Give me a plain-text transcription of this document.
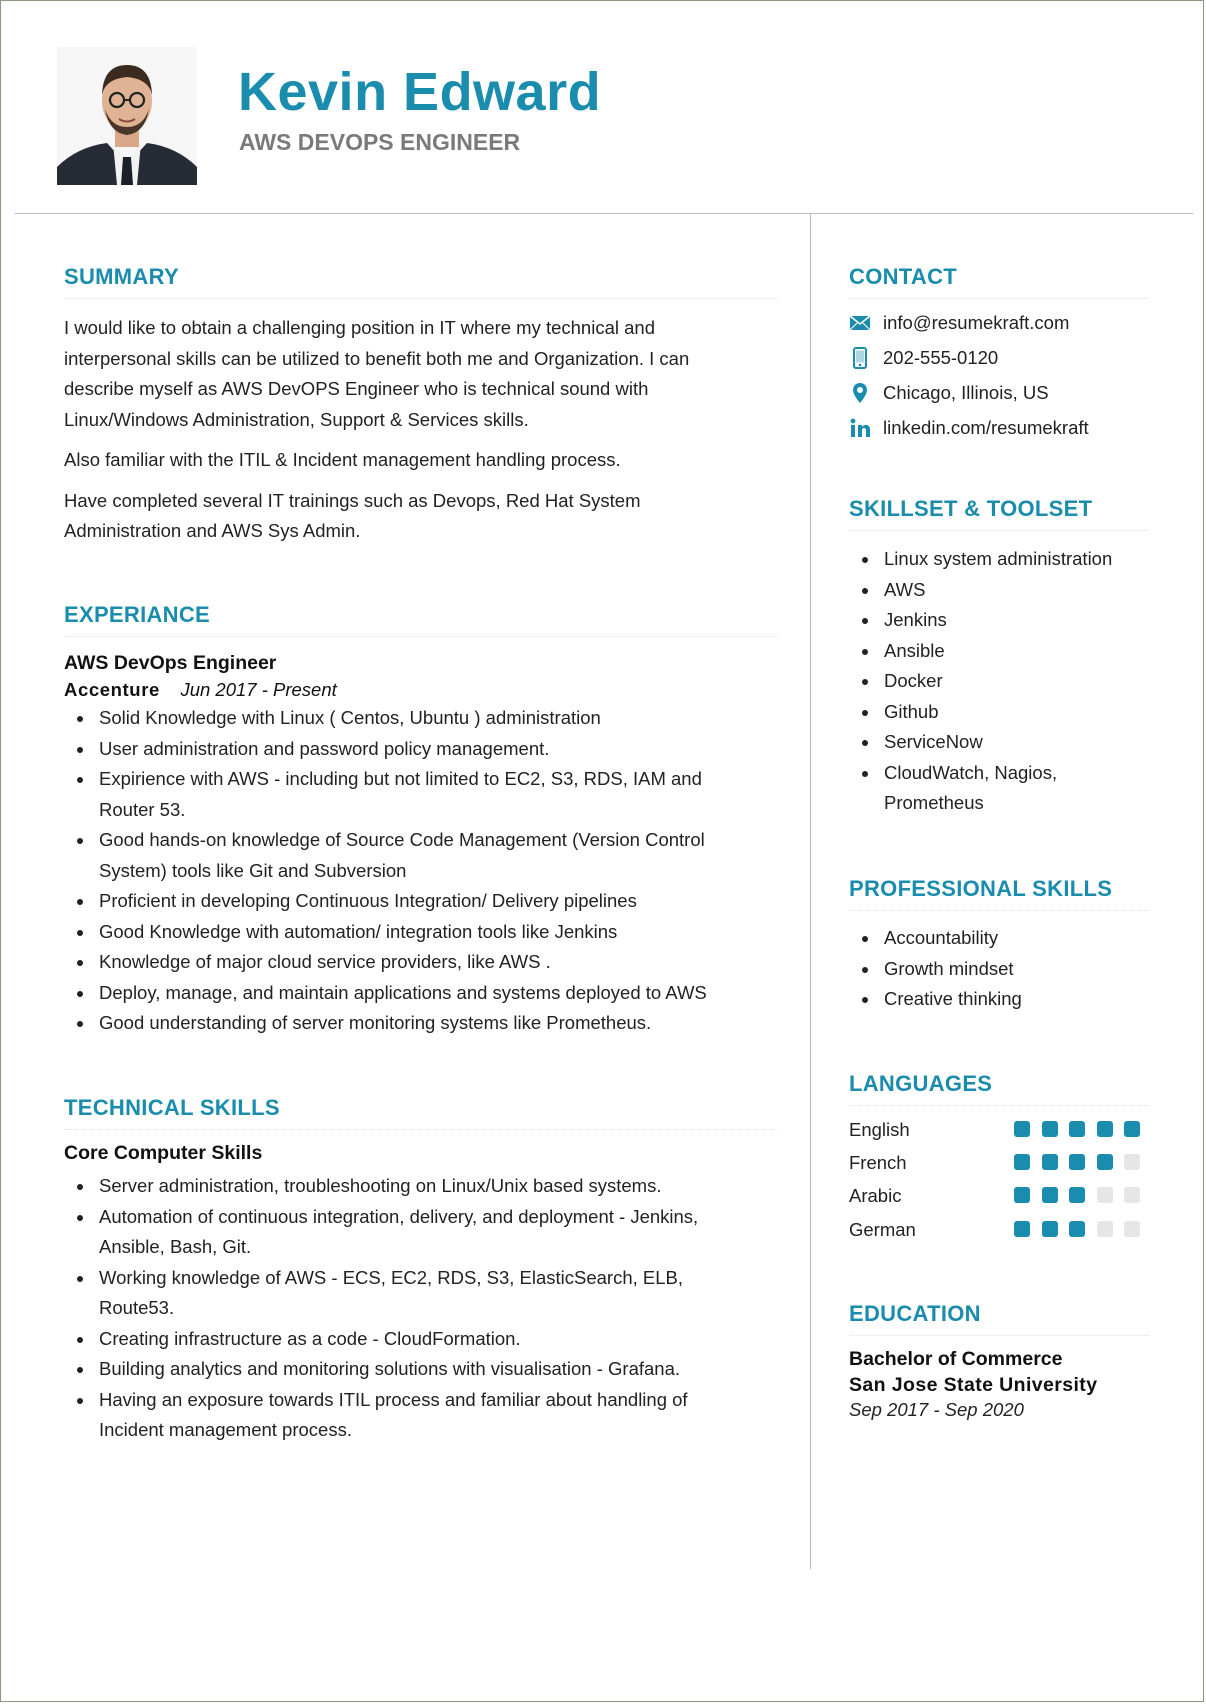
Kevin Edward
AWS DEVOPS ENGINEER
SUMMARY

I would like to obtain a challenging position in IT where my technical and interpersonal skills can be utilized to benefit both me and Organization. I can describe myself as AWS DevOPS Engineer who is technical sound with Linux/Windows Administration, Support & Services skills.

Also familiar with the ITIL & Incident management handling process.

Have completed several IT trainings such as Devops, Red Hat System Administration and AWS Sys Admin.

EXPERIANCE
AWS DevOps Engineer
Accenture Jun 2017 - Present
Solid Knowledge with Linux ( Centos, Ubuntu ) administration
User administration and password policy management.
Expirience with AWS - including but not limited to EC2, S3, RDS, IAM and Router 53.
Good hands-on knowledge of Source Code Management (Version Control System) tools like Git and Subversion
Proficient in developing Continuous Integration/ Delivery pipelines
Good Knowledge with automation/ integration tools like Jenkins
Knowledge of major cloud service providers, like AWS .
Deploy, manage, and maintain applications and systems deployed to AWS
Good understanding of server monitoring systems like Prometheus.
TECHNICAL SKILLS
Core Computer Skills
Server administration, troubleshooting on Linux/Unix based systems.
Automation of continuous integration, delivery, and deployment - Jenkins, Ansible, Bash, Git.
Working knowledge of AWS - ECS, EC2, RDS, S3, ElasticSearch, ELB, Route53.
Creating infrastructure as a code - CloudFormation.
Building analytics and monitoring solutions with visualisation - Grafana.
Having an exposure towards ITIL process and familiar about handling of Incident management process.
CONTACT
info@resumekraft.com
202-555-0120
Chicago, Illinois, US
linkedin.com/resumekraft
SKILLSET & TOOLSET
Linux system administration
AWS
Jenkins
Ansible
Docker
Github
ServiceNow
CloudWatch, Nagios, Prometheus
PROFESSIONAL SKILLS
Accountability
Growth mindset
Creative thinking
LANGUAGES
English
French
Arabic
German
EDUCATION
Bachelor of Commerce
San Jose State University
Sep 2017 - Sep 2020
